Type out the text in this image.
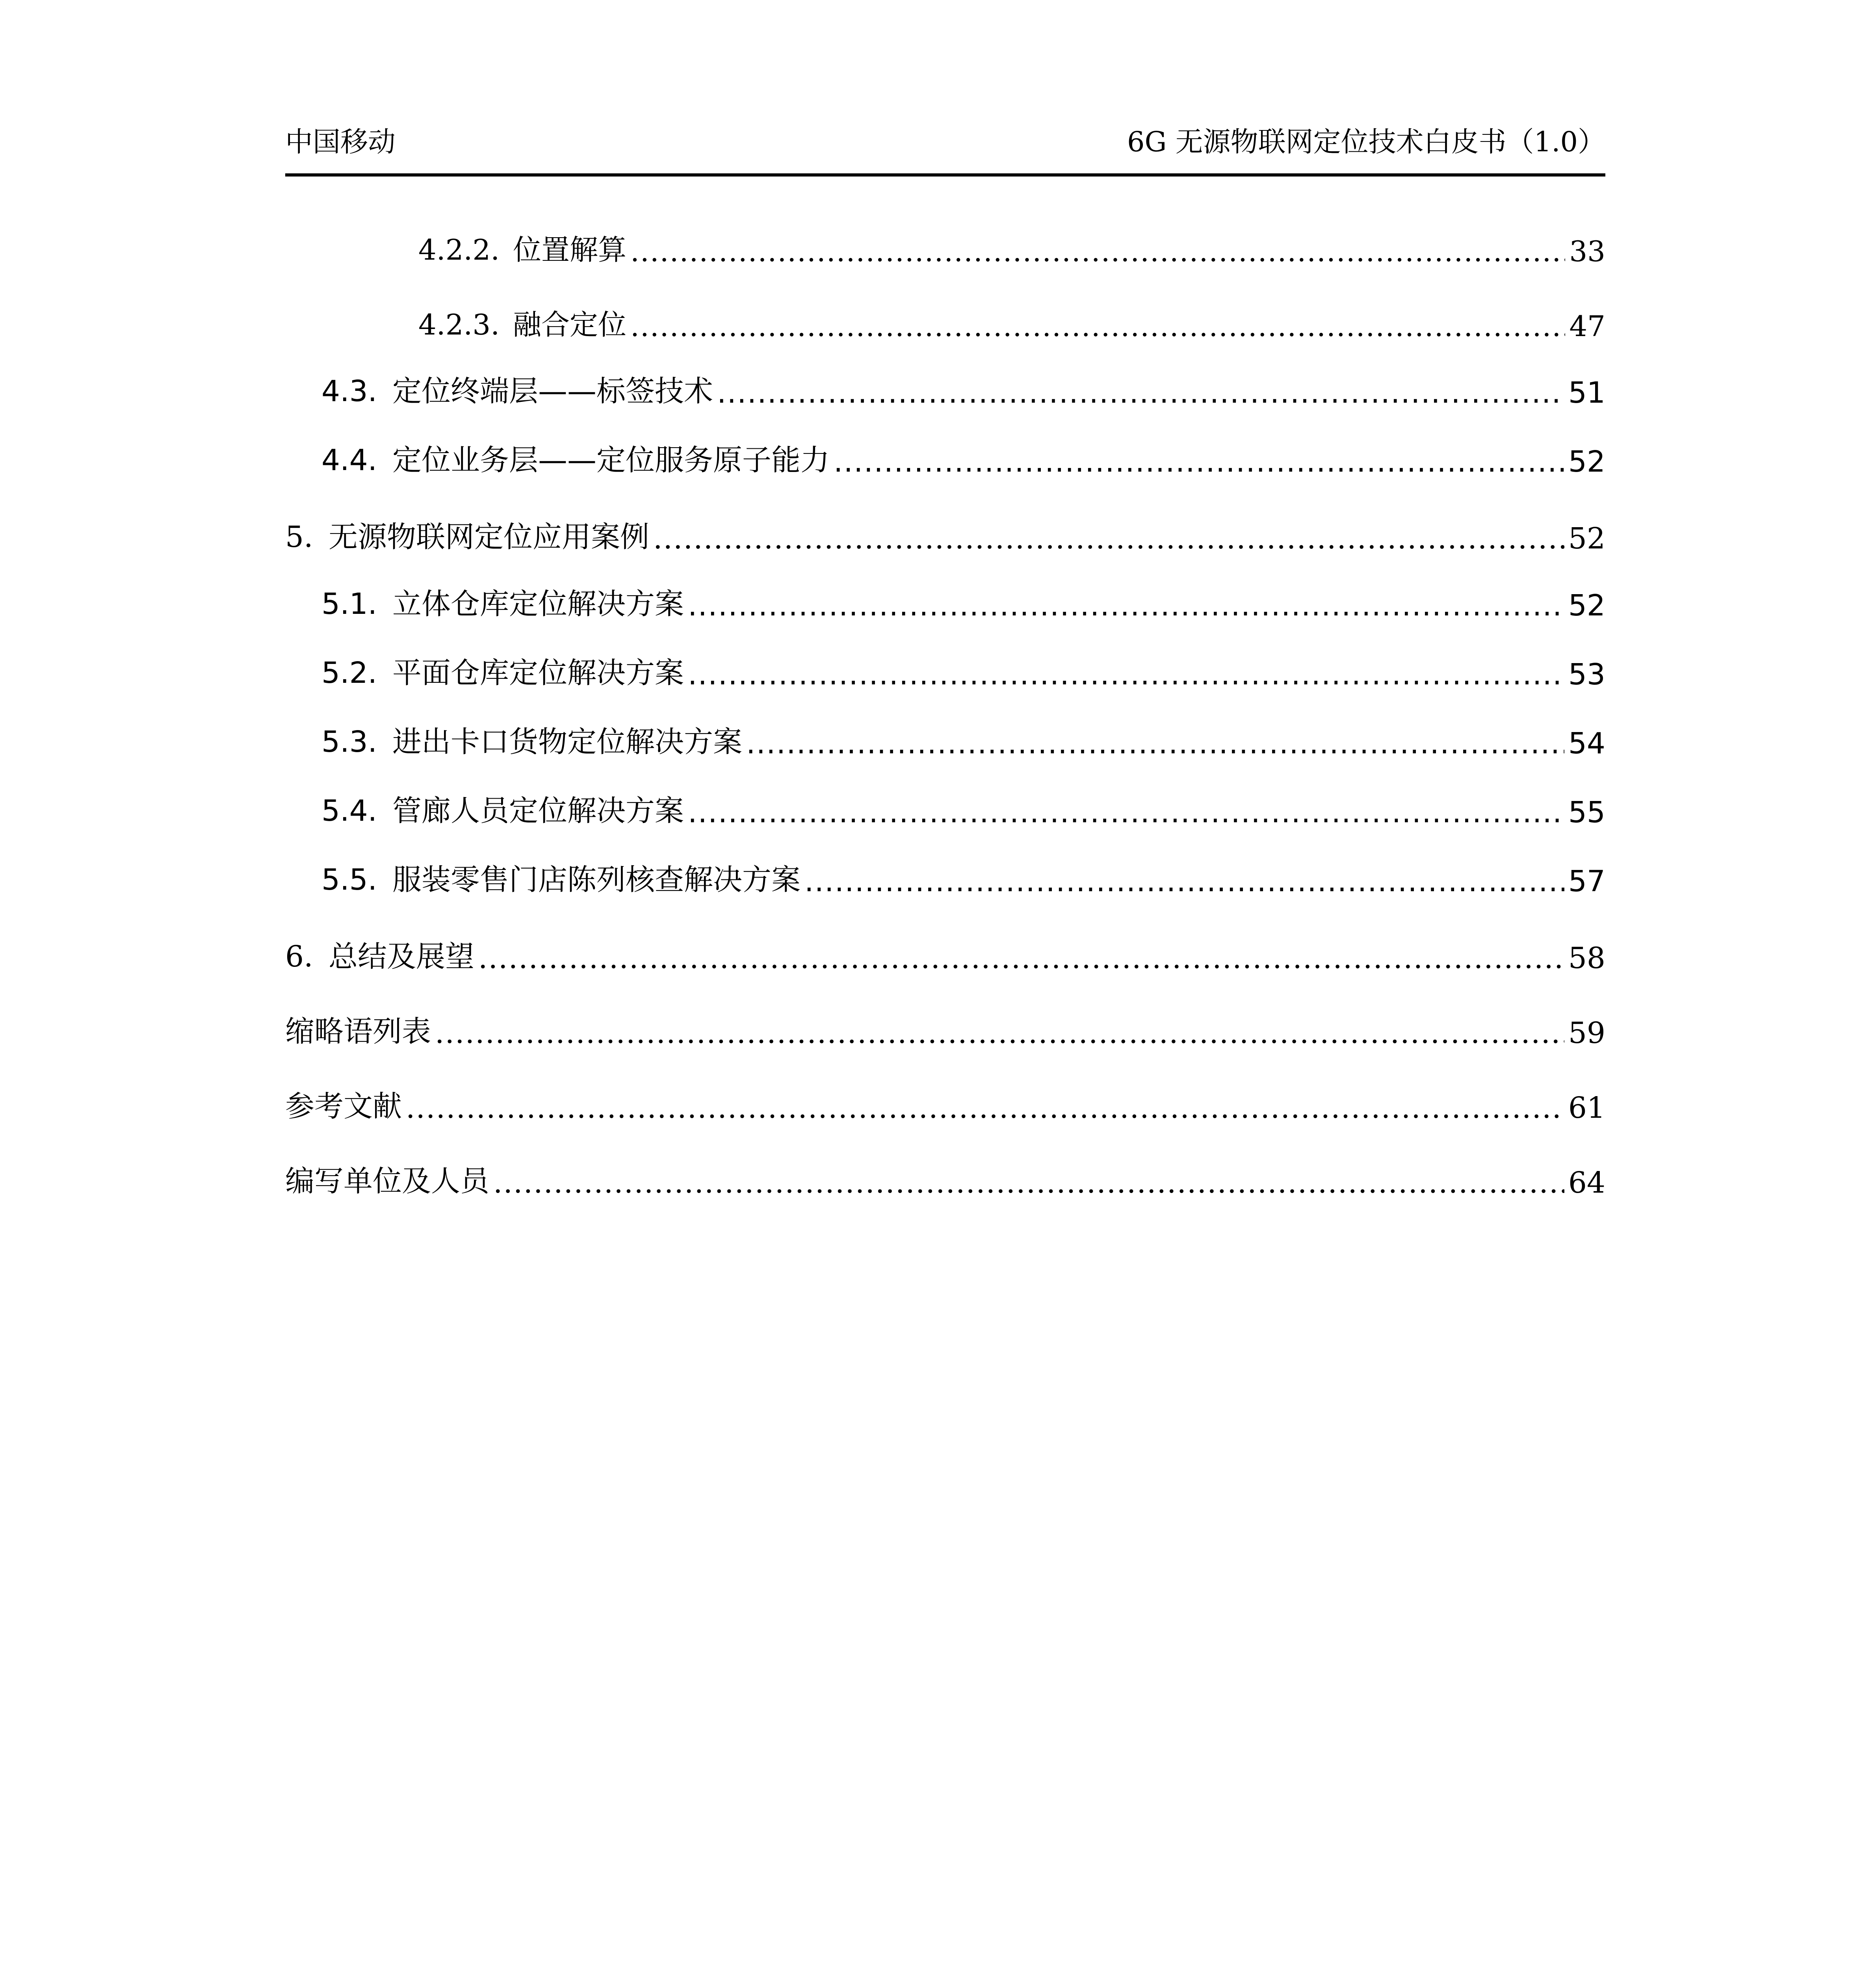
中国移动	6G 无源物联网定位技术白皮书（1.0）
4.2.2. 位置解算 .....	33
4.2.3. 融合定位 .....	47
4.3. 定位终端层——标签技术 .....	51
4.4. 定位业务层——定位服务原子能力 .....	52
5. 无源物联网定位应用案例 .....	52
5.1. 立体仓库定位解决方案 .....	52
5.2. 平面仓库定位解决方案 .....	53
5.3. 进出卡口货物定位解决方案 .....	54
5.4. 管廊人员定位解决方案 .....	55
5.5. 服装零售门店陈列核查解决方案 .....	57
6. 总结及展望 .....	58
缩略语列表 .....	59
参考文献 .....	61
编写单位及人员 .....	64
